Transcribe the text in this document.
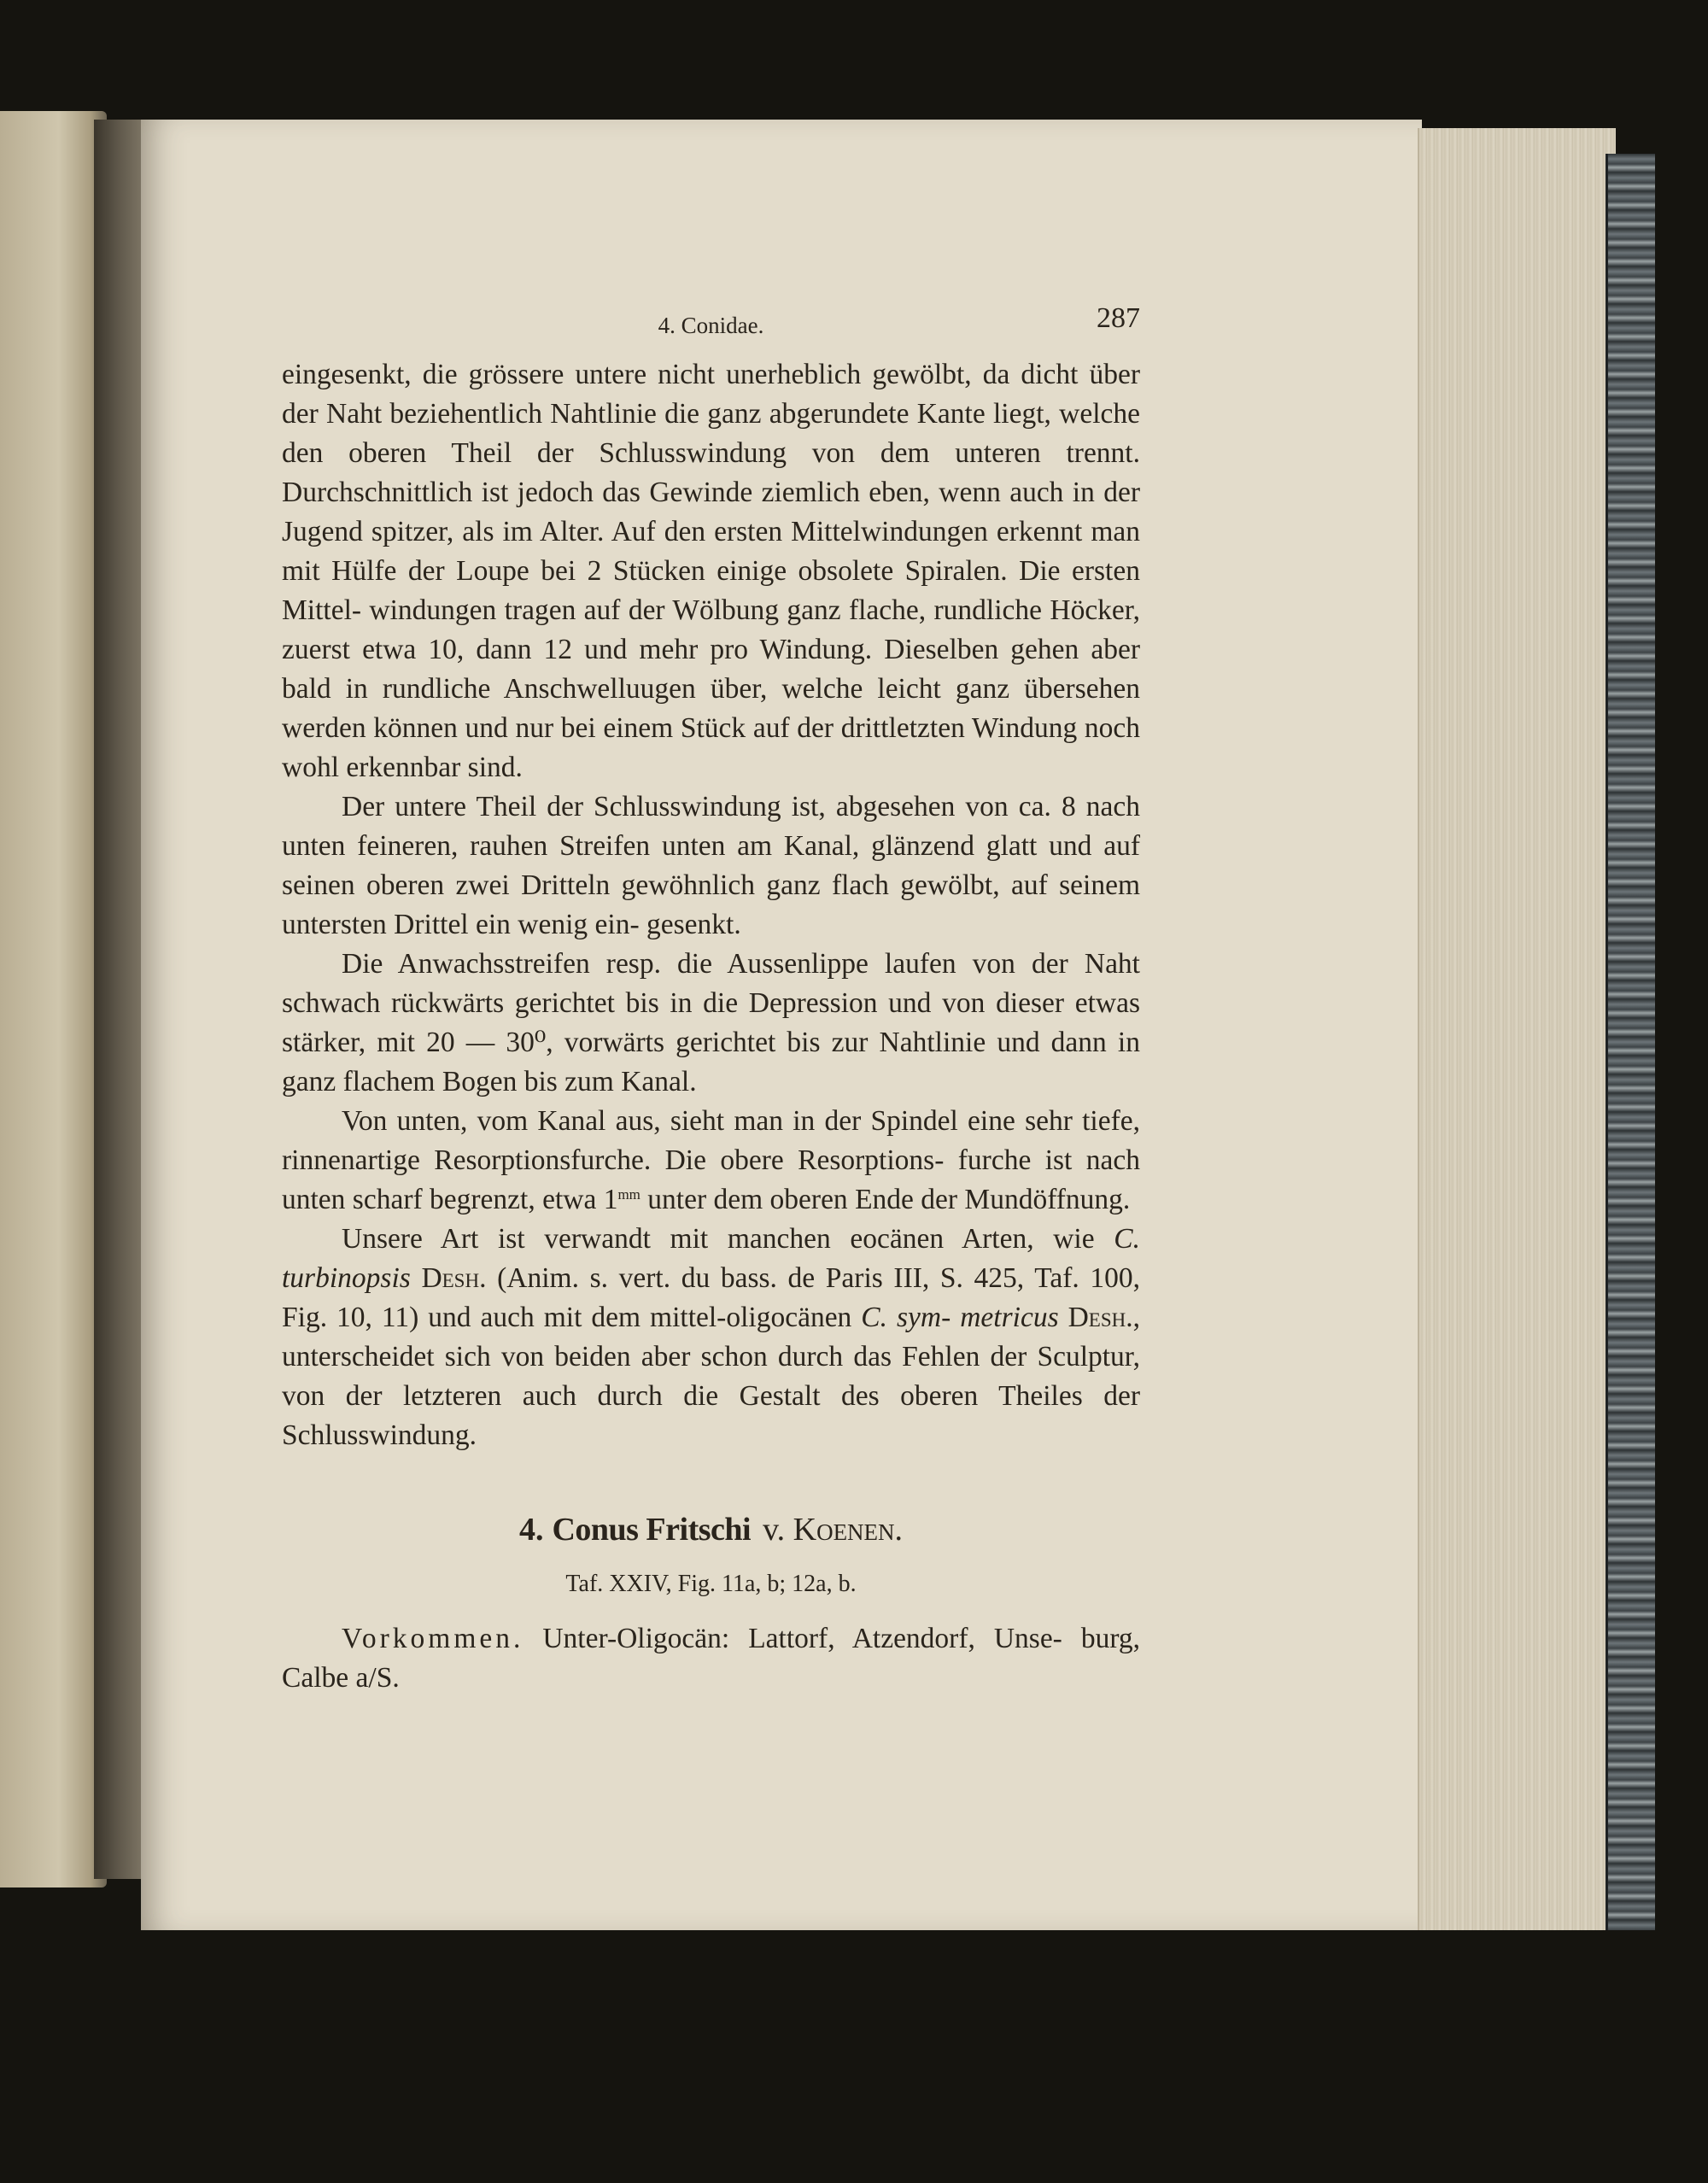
4. Conidae.	287

eingesenkt, die grössere untere nicht unerheblich gewölbt, da dicht über der Naht beziehentlich Nahtlinie die ganz abgerundete Kante liegt, welche den oberen Theil der Schlusswindung von dem unteren trennt. Durchschnittlich ist jedoch das Gewinde ziemlich eben, wenn auch in der Jugend spitzer, als im Alter. Auf den ersten Mittelwindungen erkennt man mit Hülfe der Loupe bei 2 Stücken einige obsolete Spiralen. Die ersten Mittel- windungen tragen auf der Wölbung ganz flache, rundliche Höcker, zuerst etwa 10, dann 12 und mehr pro Windung. Dieselben gehen aber bald in rundliche Anschwelluugen über, welche leicht ganz übersehen werden können und nur bei einem Stück auf der drittletzten Windung noch wohl erkennbar sind.

Der untere Theil der Schlusswindung ist, abgesehen von ca. 8 nach unten feineren, rauhen Streifen unten am Kanal, glänzend glatt und auf seinen oberen zwei Dritteln gewöhnlich ganz flach gewölbt, auf seinem untersten Drittel ein wenig ein- gesenkt.

Die Anwachsstreifen resp. die Aussenlippe laufen von der Naht schwach rückwärts gerichtet bis in die Depression und von dieser etwas stärker, mit 20 — 30⁰, vorwärts gerichtet bis zur Nahtlinie und dann in ganz flachem Bogen bis zum Kanal.

Von unten, vom Kanal aus, sieht man in der Spindel eine sehr tiefe, rinnenartige Resorptionsfurche. Die obere Resorptions- furche ist nach unten scharf begrenzt, etwa $1^{mm}$ unter dem oberen Ende der Mundöffnung.

Unsere Art ist verwandt mit manchen eocänen Arten, wie C. turbinopsis Desh. (Anim. s. vert. du bass. de Paris III, S. 425, Taf. 100, Fig. 10, 11) und auch mit dem mittel-oligocänen C. sym- metricus Desh., unterscheidet sich von beiden aber schon durch das Fehlen der Sculptur, von der letzteren auch durch die Gestalt des oberen Theiles der Schlusswindung.

4. Conus Fritschi v. Koenen.
Taf. XXIV, Fig. 11a, b; 12a, b.

Vorkommen. Unter-Oligocän: Lattorf, Atzendorf, Unse- burg, Calbe a/S.
